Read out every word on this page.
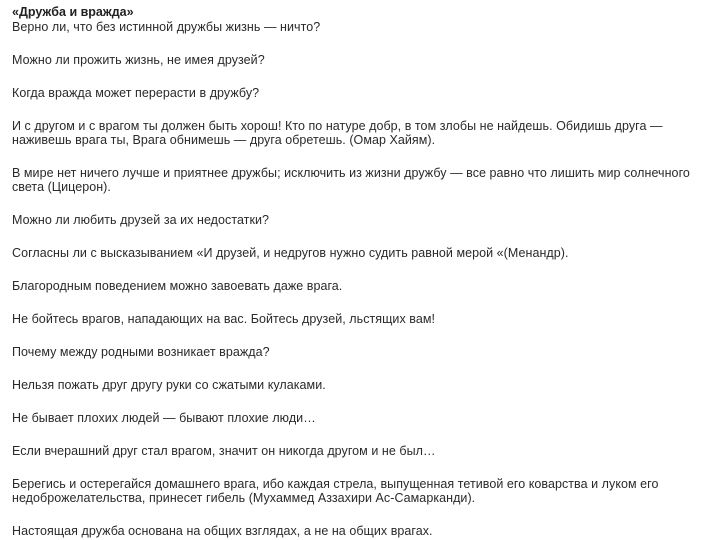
«Дружба и вражда»

Верно ли, что без истинной дружбы жизнь — ничто?

Можно ли прожить жизнь, не имея друзей?

Когда вражда может перерасти в дружбу?

И с другом и с врагом ты должен быть хорош! Кто по натуре добр, в том злобы не найдешь. Обидишь друга — наживешь врага ты, Врага обнимешь — друга обретешь. (Омар Хайям).

В мире нет ничего лучше и приятнее дружбы; исключить из жизни дружбу — все равно что лишить мир солнечного света (Цицерон).

Можно ли любить друзей за их недостатки?

Согласны ли с высказыванием «И друзей, и недругов нужно судить равной мерой «(Менандр).

Благородным поведением можно завоевать даже врага.

Не бойтесь врагов, нападающих на вас. Бойтесь друзей, льстящих вам!

Почему между родными возникает вражда?

Нельзя пожать друг другу руки со сжатыми кулаками.

Не бывает плохих людей — бывают плохие люди…

Если вчерашний друг стал врагом, значит он никогда другом и не был…

Берегись и остерегайся домашнего врага, ибо каждая стрела, выпущенная тетивой его коварства и луком его недоброжелательства, принесет гибель (Мухаммед Аззахири Ас-Самарканди).

Настоящая дружба основана на общих взглядах, а не на общих врагах.
